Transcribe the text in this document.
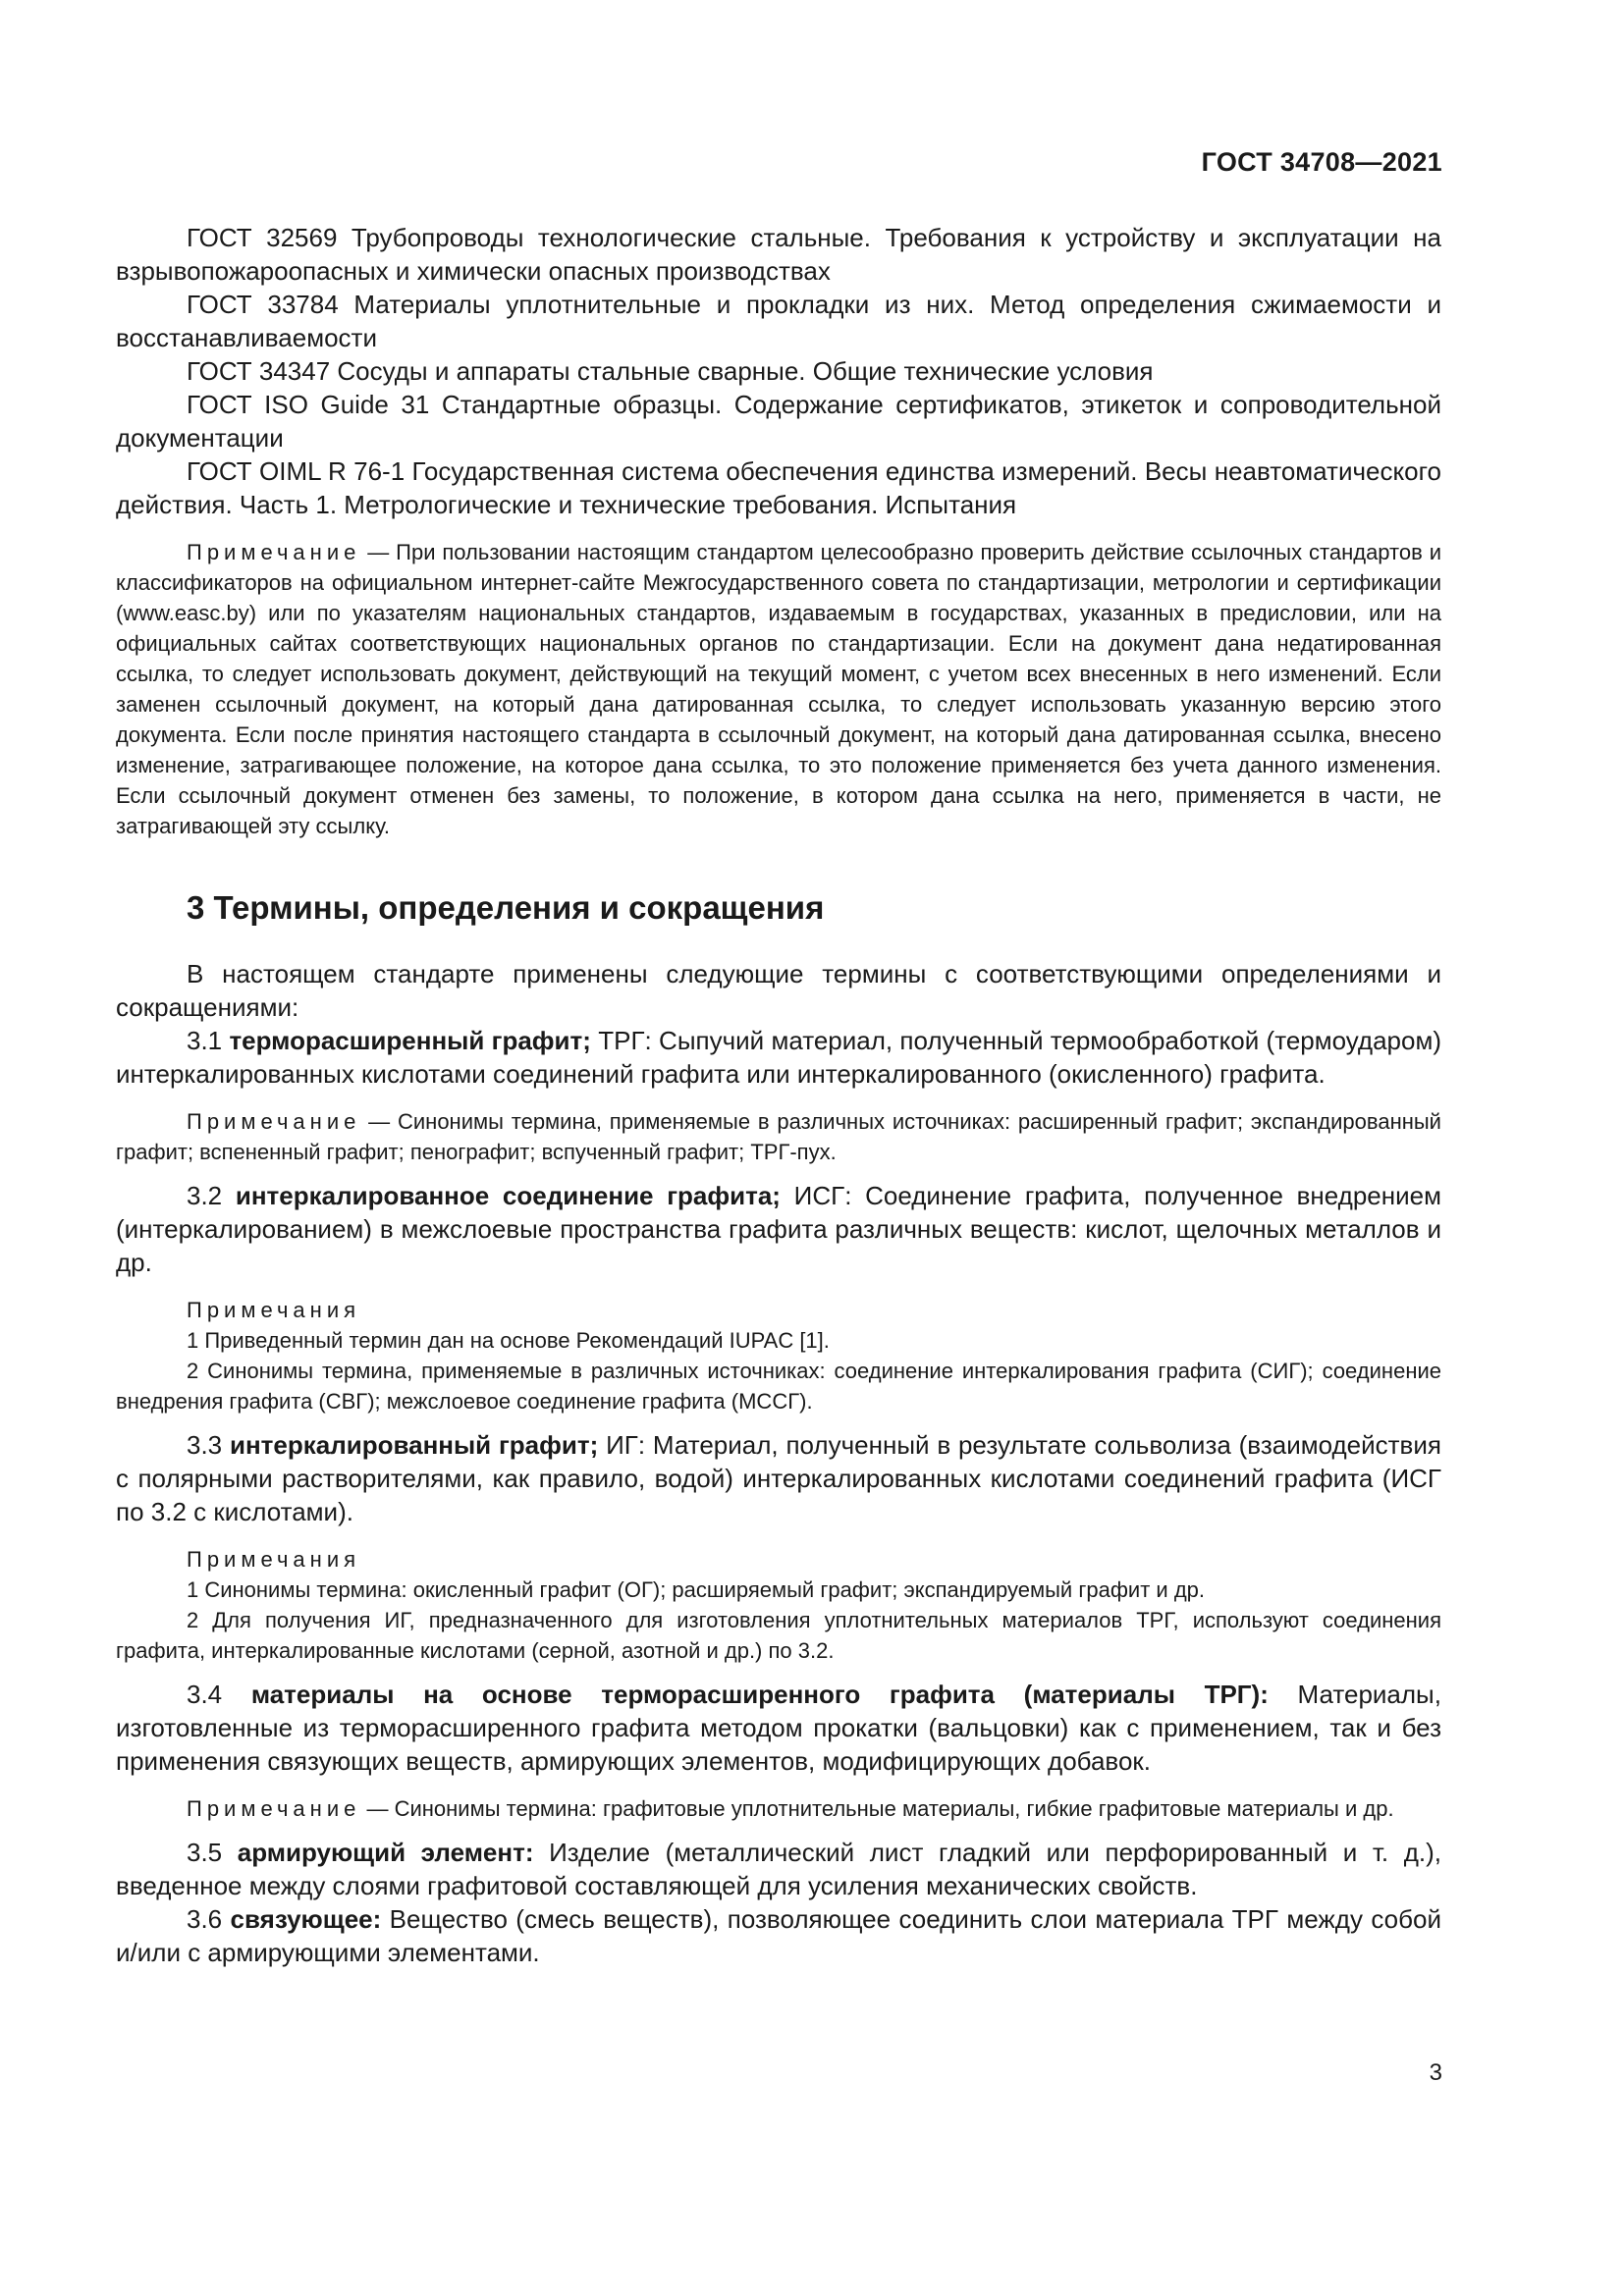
ГОСТ 34708—2021

ГОСТ 32569 Трубопроводы технологические стальные. Требования к устройству и эксплуатации на взрывопожароопасных и химически опасных производствах

ГОСТ 33784 Материалы уплотнительные и прокладки из них. Метод определения сжимаемости и восстанавливаемости

ГОСТ 34347 Сосуды и аппараты стальные сварные. Общие технические условия

ГОСТ ISO Guide 31 Стандартные образцы. Содержание сертификатов, этикеток и сопроводительной документации

ГОСТ OIML R 76-1 Государственная система обеспечения единства измерений. Весы неавтоматического действия. Часть 1. Метрологические и технические требования. Испытания

Примечание — При пользовании настоящим стандартом целесообразно проверить действие ссылочных стандартов и классификаторов на официальном интернет-сайте Межгосударственного совета по стандартизации, метрологии и сертификации (www.easc.by) или по указателям национальных стандартов, издаваемым в государствах, указанных в предисловии, или на официальных сайтах соответствующих национальных органов по стандартизации. Если на документ дана недатированная ссылка, то следует использовать документ, действующий на текущий момент, с учетом всех внесенных в него изменений. Если заменен ссылочный документ, на который дана датированная ссылка, то следует использовать указанную версию этого документа. Если после принятия настоящего стандарта в ссылочный документ, на который дана датированная ссылка, внесено изменение, затрагивающее положение, на которое дана ссылка, то это положение применяется без учета данного изменения. Если ссылочный документ отменен без замены, то положение, в котором дана ссылка на него, применяется в части, не затрагивающей эту ссылку.

3 Термины, определения и сокращения

В настоящем стандарте применены следующие термины с соответствующими определениями и сокращениями:

3.1 терморасширенный графит; ТРГ: Сыпучий материал, полученный термообработкой (термоударом) интеркалированных кислотами соединений графита или интеркалированного (окисленного) графита.

Примечание — Синонимы термина, применяемые в различных источниках: расширенный графит; экспандированный графит; вспененный графит; пенографит; вспученный графит; ТРГ-пух.

3.2 интеркалированное соединение графита; ИСГ: Соединение графита, полученное внедрением (интеркалированием) в межслоевые пространства графита различных веществ: кислот, щелочных металлов и др.

Примечания

1 Приведенный термин дан на основе Рекомендаций IUPAC [1].

2 Синонимы термина, применяемые в различных источниках: соединение интеркалирования графита (СИГ); соединение внедрения графита (СВГ); межслоевое соединение графита (МССГ).

3.3 интеркалированный графит; ИГ: Материал, полученный в результате сольволиза (взаимодействия с полярными растворителями, как правило, водой) интеркалированных кислотами соединений графита (ИСГ по 3.2 с кислотами).

Примечания

1 Синонимы термина: окисленный графит (ОГ); расширяемый графит; экспандируемый графит и др.

2 Для получения ИГ, предназначенного для изготовления уплотнительных материалов ТРГ, используют соединения графита, интеркалированные кислотами (серной, азотной и др.) по 3.2.

3.4 материалы на основе терморасширенного графита (материалы ТРГ): Материалы, изготовленные из терморасширенного графита методом прокатки (вальцовки) как с применением, так и без применения связующих веществ, армирующих элементов, модифицирующих добавок.

Примечание — Синонимы термина: графитовые уплотнительные материалы, гибкие графитовые материалы и др.

3.5 армирующий элемент: Изделие (металлический лист гладкий или перфорированный и т. д.), введенное между слоями графитовой составляющей для усиления механических свойств.

3.6 связующее: Вещество (смесь веществ), позволяющее соединить слои материала ТРГ между собой и/или с армирующими элементами.

3
